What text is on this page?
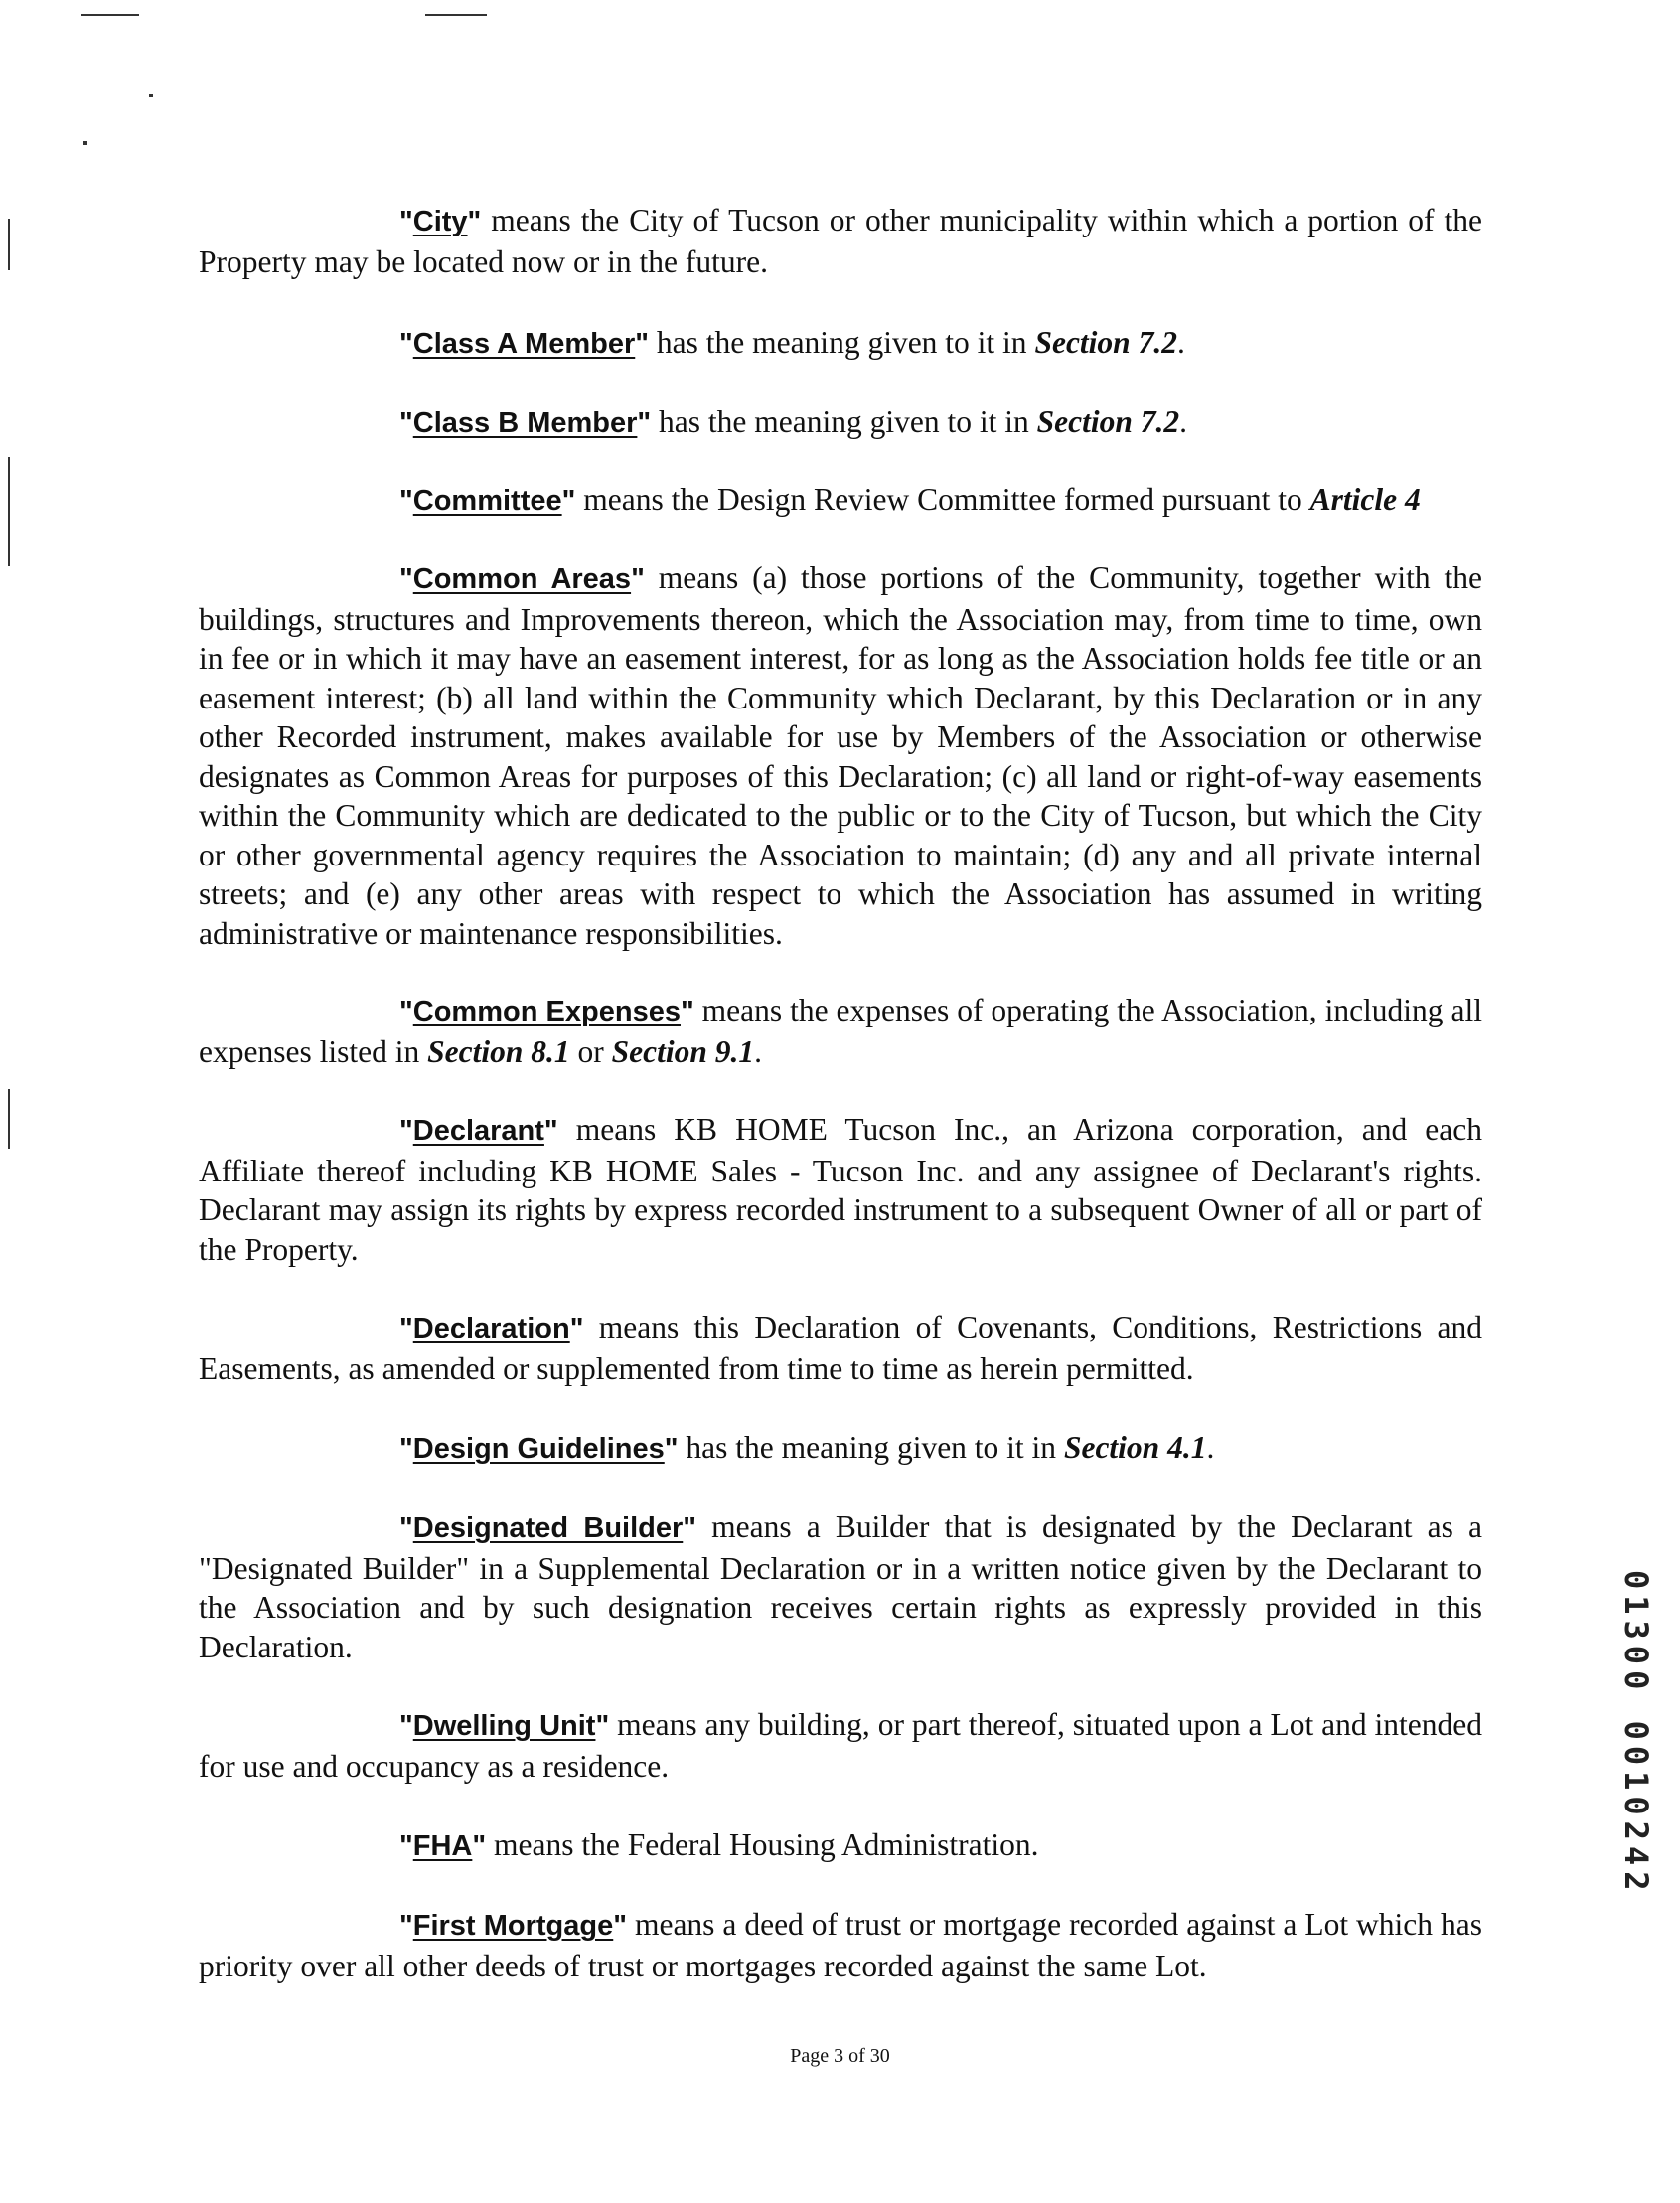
"City" means the City of Tucson or other municipality within which a portion of the Property may be located now or in the future.

"Class A Member" has the meaning given to it in Section 7.2.

"Class B Member" has the meaning given to it in Section 7.2.

"Committee" means the Design Review Committee formed pursuant to Article 4

"Common Areas" means (a) those portions of the Community, together with the buildings, structures and Improvements thereon, which the Association may, from time to time, own in fee or in which it may have an easement interest, for as long as the Association holds fee title or an easement interest; (b) all land within the Community which Declarant, by this Declaration or in any other Recorded instrument, makes available for use by Members of the Association or otherwise designates as Common Areas for purposes of this Declaration; (c) all land or right-of-way easements within the Community which are dedicated to the public or to the City of Tucson, but which the City or other governmental agency requires the Association to maintain; (d) any and all private internal streets; and (e) any other areas with respect to which the Association has assumed in writing administrative or maintenance responsibilities.

"Common Expenses" means the expenses of operating the Association, including all expenses listed in Section 8.1 or Section 9.1.

"Declarant" means KB HOME Tucson Inc., an Arizona corporation, and each Affiliate thereof including KB HOME Sales - Tucson Inc. and any assignee of Declarant's rights. Declarant may assign its rights by express recorded instrument to a subsequent Owner of all or part of the Property.

"Declaration" means this Declaration of Covenants, Conditions, Restrictions and Easements, as amended or supplemented from time to time as herein permitted.

"Design Guidelines" has the meaning given to it in Section 4.1.

"Designated Builder" means a Builder that is designated by the Declarant as a "Designated Builder" in a Supplemental Declaration or in a written notice given by the Declarant to the Association and by such designation receives certain rights as expressly provided in this Declaration.

"Dwelling Unit" means any building, or part thereof, situated upon a Lot and intended for use and occupancy as a residence.

"FHA" means the Federal Housing Administration.

"First Mortgage" means a deed of trust or mortgage recorded against a Lot which has priority over all other deeds of trust or mortgages recorded against the same Lot.

Page 3 of 30
01300 0010242
